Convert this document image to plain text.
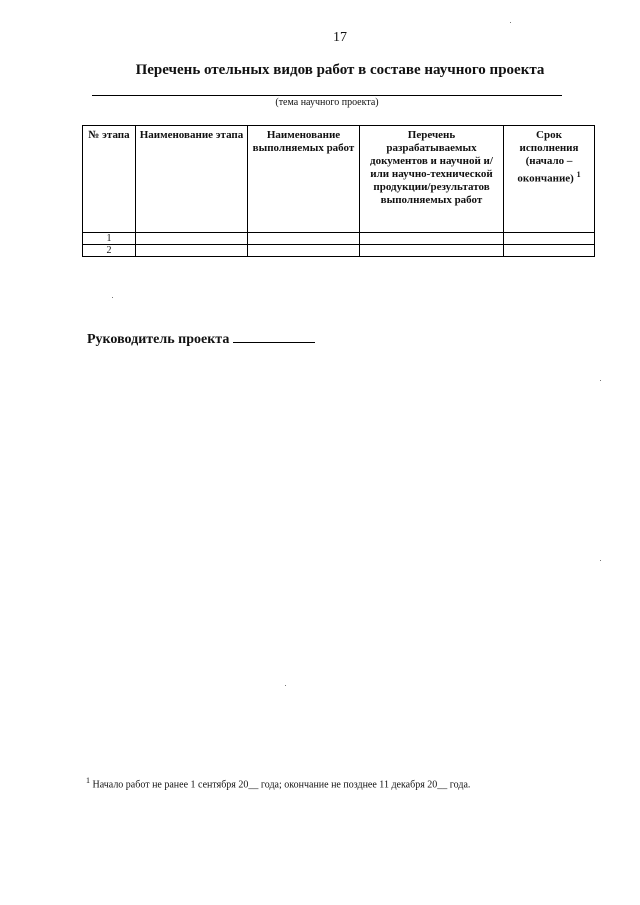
17
Перечень отельных видов работ в составе научного проекта
(тема научного проекта)
№ этапа	Наименование этапа	Наименование выполняемых работ	Перечень разрабатываемых документов и научной и/или научно-технической продукции/результатов выполняемых работ	Срок исполнения (начало – окончание) $^1$
1				
2				
Руководитель проекта
$^1$ Начало работ не ранее 1 сентября 20__ года; окончание не позднее 11 декабря 20__ года.
